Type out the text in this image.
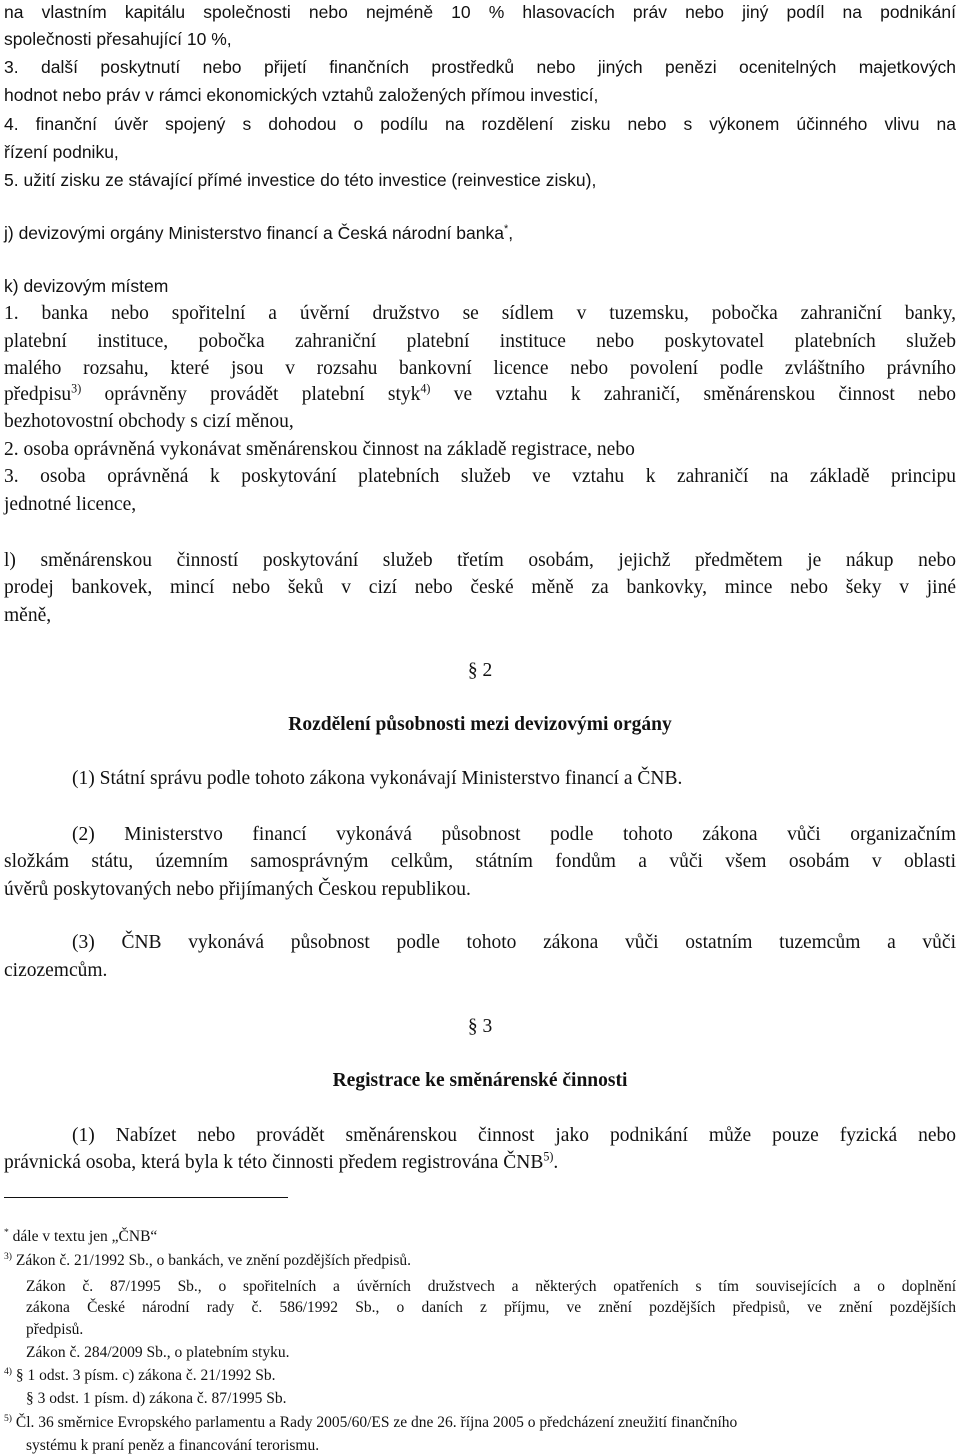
na vlastním kapitálu společnosti nebo nejméně 10 % hlasovacích práv nebo jiný podíl na podnikání

společnosti přesahující 10 %,

3. další poskytnutí nebo přijetí finančních prostředků nebo jiných penězi ocenitelných majetkových

hodnot nebo práv v rámci ekonomických vztahů založených přímou investicí,

4. finanční úvěr spojený s dohodou o podílu na rozdělení zisku nebo s výkonem účinného vlivu na

řízení podniku,

5. užití zisku ze stávající přímé investice do této investice (reinvestice zisku),

j) devizovými orgány Ministerstvo financí a Česká národní banka*,

k) devizovým místem

1. banka nebo spořitelní a úvěrní družstvo se sídlem v tuzemsku, pobočka zahraniční banky,

platební instituce, pobočka zahraniční platební instituce nebo poskytovatel platebních služeb

malého rozsahu, které jsou v rozsahu bankovní licence nebo povolení podle zvláštního právního

předpisu$^{3)}$ oprávněny provádět platební styk$^{4)}$ ve vztahu k zahraničí, směnárenskou činnost nebo

bezhotovostní obchody s cizí měnou,

2. osoba oprávněná vykonávat směnárenskou činnost na základě registrace, nebo

3. osoba oprávněná k poskytování platebních služeb ve vztahu k zahraničí na základě principu

jednotné licence,

l) směnárenskou činností poskytování služeb třetím osobám, jejichž předmětem je nákup nebo

prodej bankovek, mincí nebo šeků v cizí nebo české měně za bankovky, mince nebo šeky v jiné

měně,

§ 2

Rozdělení působnosti mezi devizovými orgány

(1) Státní správu podle tohoto zákona vykonávají Ministerstvo financí a ČNB.

(2) Ministerstvo financí vykonává působnost podle tohoto zákona vůči organizačním

složkám státu, územním samosprávným celkům, státním fondům a vůči všem osobám v oblasti

úvěrů poskytovaných nebo přijímaných Českou republikou.

(3) ČNB vykonává působnost podle tohoto zákona vůči ostatním tuzemcům a vůči

cizozemcům.

§ 3

Registrace ke směnárenské činnosti

(1) Nabízet nebo provádět směnárenskou činnost jako podnikání může pouze fyzická nebo

právnická osoba, která byla k této činnosti předem registrována ČNB$^{5)}$.

* dále v textu jen „ČNB“

$^{3)}$ Zákon č. 21/1992 Sb., o bankách, ve znění pozdějších předpisů.

Zákon č. 87/1995 Sb., o spořitelních a úvěrních družstvech a některých opatřeních s tím souvisejících a o doplnění

zákona České národní rady č. 586/1992 Sb., o daních z příjmu, ve znění pozdějších předpisů, ve znění pozdějších

předpisů.

Zákon č. 284/2009 Sb., o platebním styku.

$^{4)}$ § 1 odst. 3 písm. c) zákona č. 21/1992 Sb.

§ 3 odst. 1 písm. d) zákona č. 87/1995 Sb.

$^{5)}$ Čl. 36 směrnice Evropského parlamentu a Rady 2005/60/ES ze dne 26. října 2005 o předcházení zneužití finančního

systému k praní peněz a financování terorismu.
